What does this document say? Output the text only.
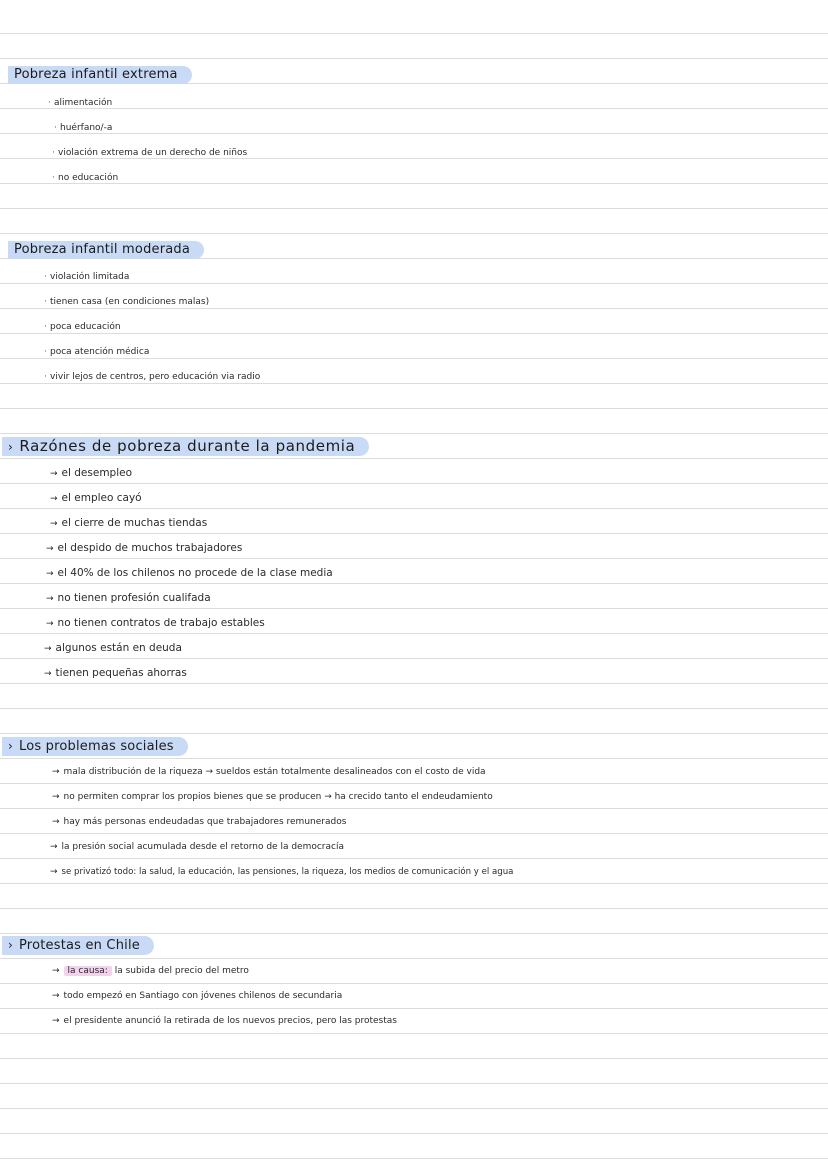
Pobreza infantil extrema
· alimentación
· huérfano/-a
· violación extrema de un derecho de niños
· no educación
Pobreza infantil moderada
· violación limitada
· tienen casa (en condiciones malas)
· poca educación
· poca atención médica
· vivir lejos de centros, pero educación via radio
› Razónes de pobreza durante la pandemia
→ el desempleo
→ el empleo cayó
→ el cierre de muchas tiendas
→ el despido de muchos trabajadores
→ el 40% de los chilenos no procede de la clase media
→ no tienen profesión cualifada
→ no tienen contratos de trabajo estables
→ algunos están en deuda
→ tienen pequeñas ahorras
› Los problemas sociales
→ mala distribución de la riqueza → sueldos están totalmente desalineados con el costo de vida
→ no permiten comprar los propios bienes que se producen → ha crecido tanto el endeudamiento
→ hay más personas endeudadas que trabajadores remunerados
→ la presión social acumulada desde el retorno de la democracía
→ se privatizó todo: la salud, la educación, las pensiones, la riqueza, los medios de comunicación y el agua
› Protestas en Chile
→ la causa: la subida del precio del metro
→ todo empezó en Santiago con jóvenes chilenos de secundaria
→ el presidente anunció la retirada de los nuevos precios, pero las protestas
